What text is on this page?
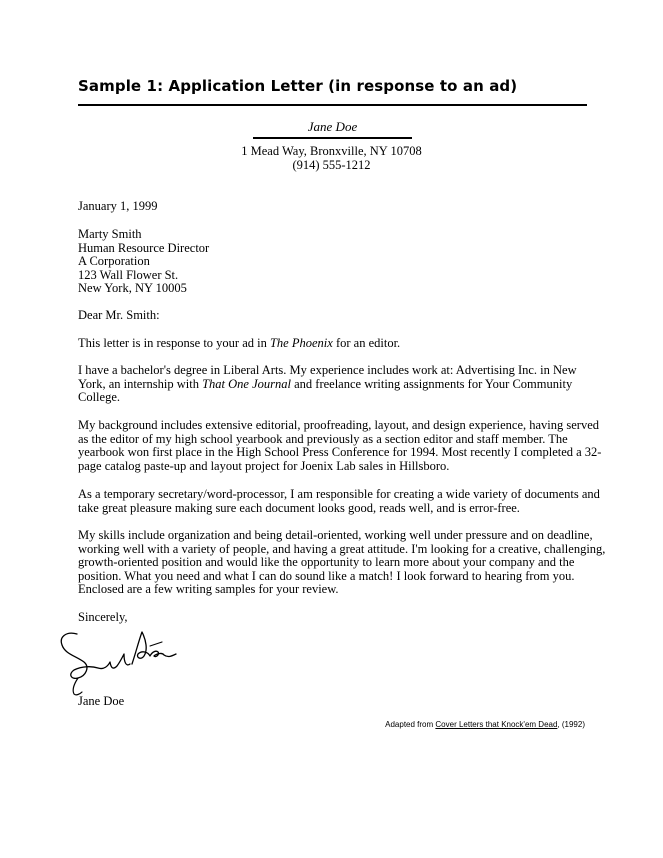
Sample 1: Application Letter (in response to an ad)
Jane Doe
1 Mead Way, Bronxville, NY 10708
(914) 555-1212
January 1, 1999
Marty Smith
Human Resource Director
A Corporation
123 Wall Flower St.
New York, NY 10005
Dear Mr. Smith:
This letter is in response to your ad in The Phoenix for an editor.
I have a bachelor's degree in Liberal Arts. My experience includes work at: Advertising Inc. in New
York, an internship with That One Journal and freelance writing assignments for Your Community
College.
My background includes extensive editorial, proofreading, layout, and design experience, having served
as the editor of my high school yearbook and previously as a section editor and staff member. The
yearbook won first place in the High School Press Conference for 1994. Most recently I completed a 32-
page catalog paste-up and layout project for Joenix Lab sales in Hillsboro.
As a temporary secretary/word-processor, I am responsible for creating a wide variety of documents and
take great pleasure making sure each document looks good, reads well, and is error-free.
My skills include organization and being detail-oriented, working well under pressure and on deadline,
working well with a variety of people, and having a great attitude. I'm looking for a creative, challenging,
growth-oriented position and would like the opportunity to learn more about your company and the
position. What you need and what I can do sound like a match! I look forward to hearing from you.
Enclosed are a few writing samples for your review.
Sincerely,
Jane Doe
Adapted from Cover Letters that Knock'em Dead, (1992)
